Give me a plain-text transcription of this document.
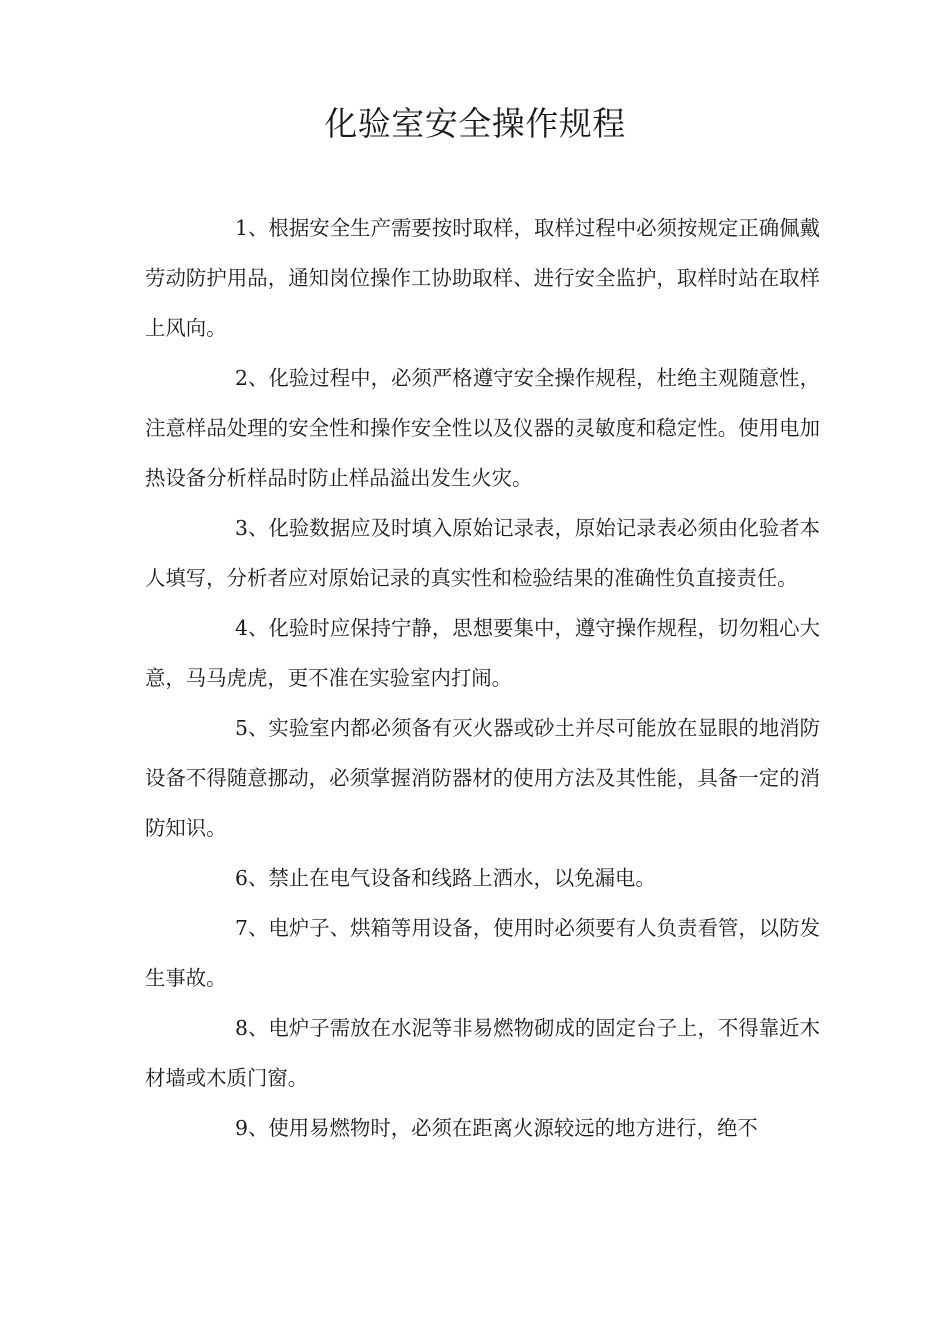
化验室安全操作规程

1、根据安全生产需要按时取样，取样过程中必须按规定正确佩戴劳动防护用品，通知岗位操作工协助取样、进行安全监护，取样时站在取样上风向。

2、化验过程中，必须严格遵守安全操作规程，杜绝主观随意性，注意样品处理的安全性和操作安全性以及仪器的灵敏度和稳定性。使用电加热设备分析样品时防止样品溢出发生火灾。

3、化验数据应及时填入原始记录表，原始记录表必须由化验者本人填写，分析者应对原始记录的真实性和检验结果的准确性负直接责任。

4、化验时应保持宁静，思想要集中，遵守操作规程，切勿粗心大意，马马虎虎，更不准在实验室内打闹。

5、实验室内都必须备有灭火器或砂土并尽可能放在显眼的地消防设备不得随意挪动，必须掌握消防器材的使用方法及其性能，具备一定的消防知识。

6、禁止在电气设备和线路上洒水，以免漏电。

7、电炉子、烘箱等用设备，使用时必须要有人负责看管，以防发生事故。

8、电炉子需放在水泥等非易燃物砌成的固定台子上，不得靠近木材墙或木质门窗。

9、使用易燃物时，必须在距离火源较远的地方进行，绝不
